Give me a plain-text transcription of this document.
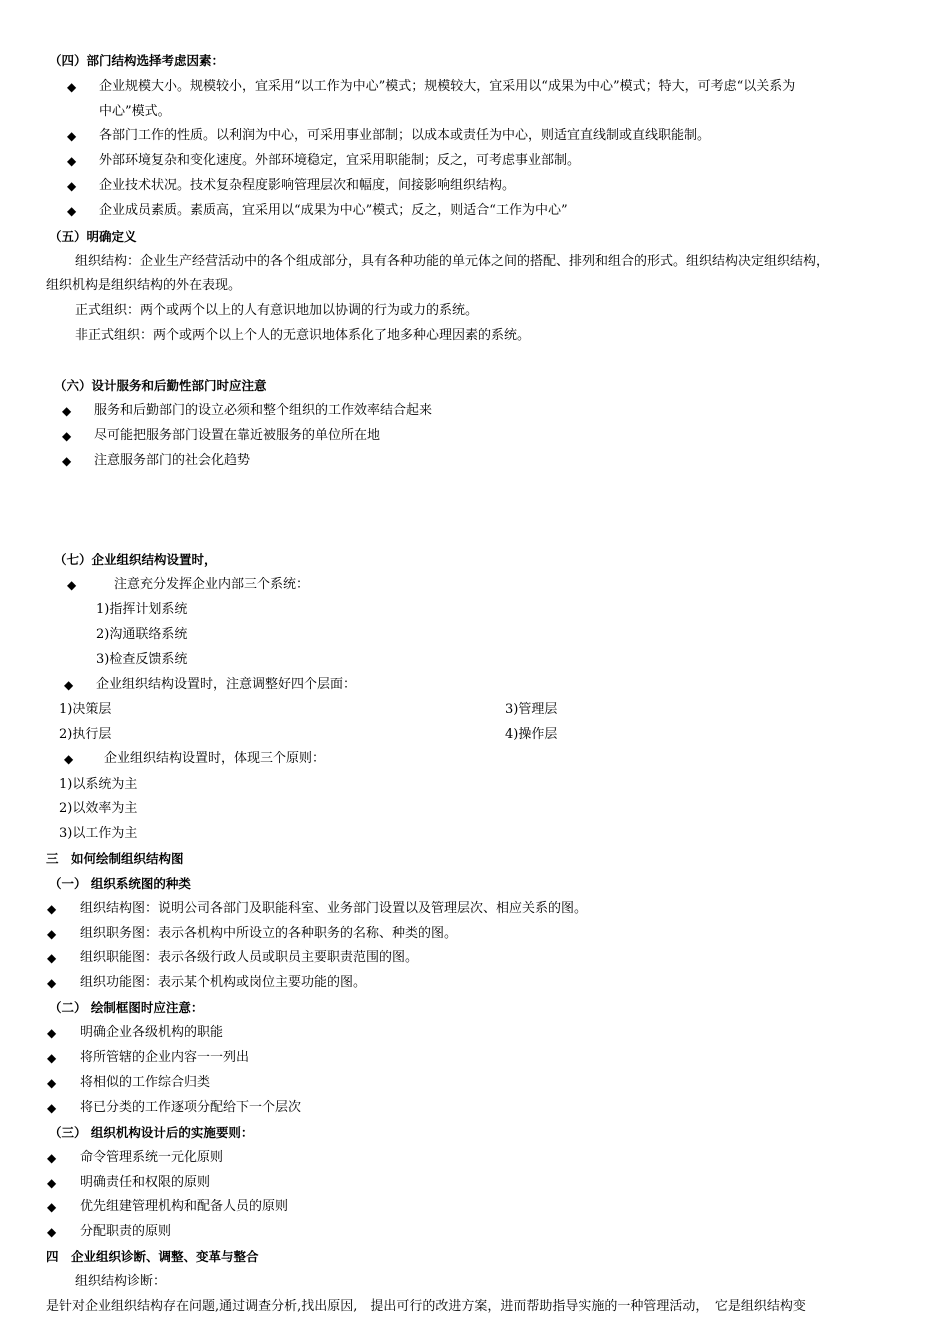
（四）部门结构选择考虑因素：
◆ 企业规模大小。规模较小，宜采用“以工作为中心”模式；规模较大，宜采用以“成果为中心”模式；特大，可考虑“以关系为
中心”模式。
◆ 各部门工作的性质。以利润为中心，可采用事业部制；以成本或责任为中心，则适宜直线制或直线职能制。
◆ 外部环境复杂和变化速度。外部环境稳定，宜采用职能制；反之，可考虑事业部制。
◆ 企业技术状况。技术复杂程度影响管理层次和幅度，间接影响组织结构。
◆ 企业成员素质。素质高，宜采用以“成果为中心”模式；反之，则适合“工作为中心”
（五）明确定义
组织结构：企业生产经营活动中的各个组成部分，具有各种功能的单元体之间的搭配、排列和组合的形式。组织结构决定组织结构，
组织机构是组织结构的外在表现。
正式组织：两个或两个以上的人有意识地加以协调的行为或力的系统。
非正式组织：两个或两个以上个人的无意识地体系化了地多种心理因素的系统。
（六）设计服务和后勤性部门时应注意
◆ 服务和后勤部门的设立必须和整个组织的工作效率结合起来
◆ 尽可能把服务部门设置在靠近被服务的单位所在地
◆ 注意服务部门的社会化趋势
（七）企业组织结构设置时，
◆	注意充分发挥企业内部三个系统：
1)指挥计划系统
2)沟通联络系统
3)检查反馈系统
◆ 企业组织结构设置时，注意调整好四个层面：
1)决策层	3)管理层
2)执行层	4)操作层
◆ 企业组织结构设置时，体现三个原则：
1)以系统为主
2)以效率为主
3)以工作为主
三　如何绘制组织结构图
（一） 组织系统图的种类
◆ 组织结构图：说明公司各部门及职能科室、业务部门设置以及管理层次、相应关系的图。
◆ 组织职务图：表示各机构中所设立的各种职务的名称、种类的图。
◆ 组织职能图：表示各级行政人员或职员主要职责范围的图。
◆ 组织功能图：表示某个机构或岗位主要功能的图。
（二） 绘制框图时应注意：
◆ 明确企业各级机构的职能
◆ 将所管辖的企业内容一一列出
◆ 将相似的工作综合归类
◆ 将已分类的工作逐项分配给下一个层次
（三） 组织机构设计后的实施要则：
◆ 命令管理系统一元化原则
◆ 明确责任和权限的原则
◆ 优先组建管理机构和配备人员的原则
◆ 分配职责的原则
四　企业组织诊断、调整、变革与整合
组织结构诊断：
是针对企业组织结构存在问题,通过调查分析,找出原因,　提出可行的改进方案，进而帮助指导实施的一种管理活动，　它是组织结构变
